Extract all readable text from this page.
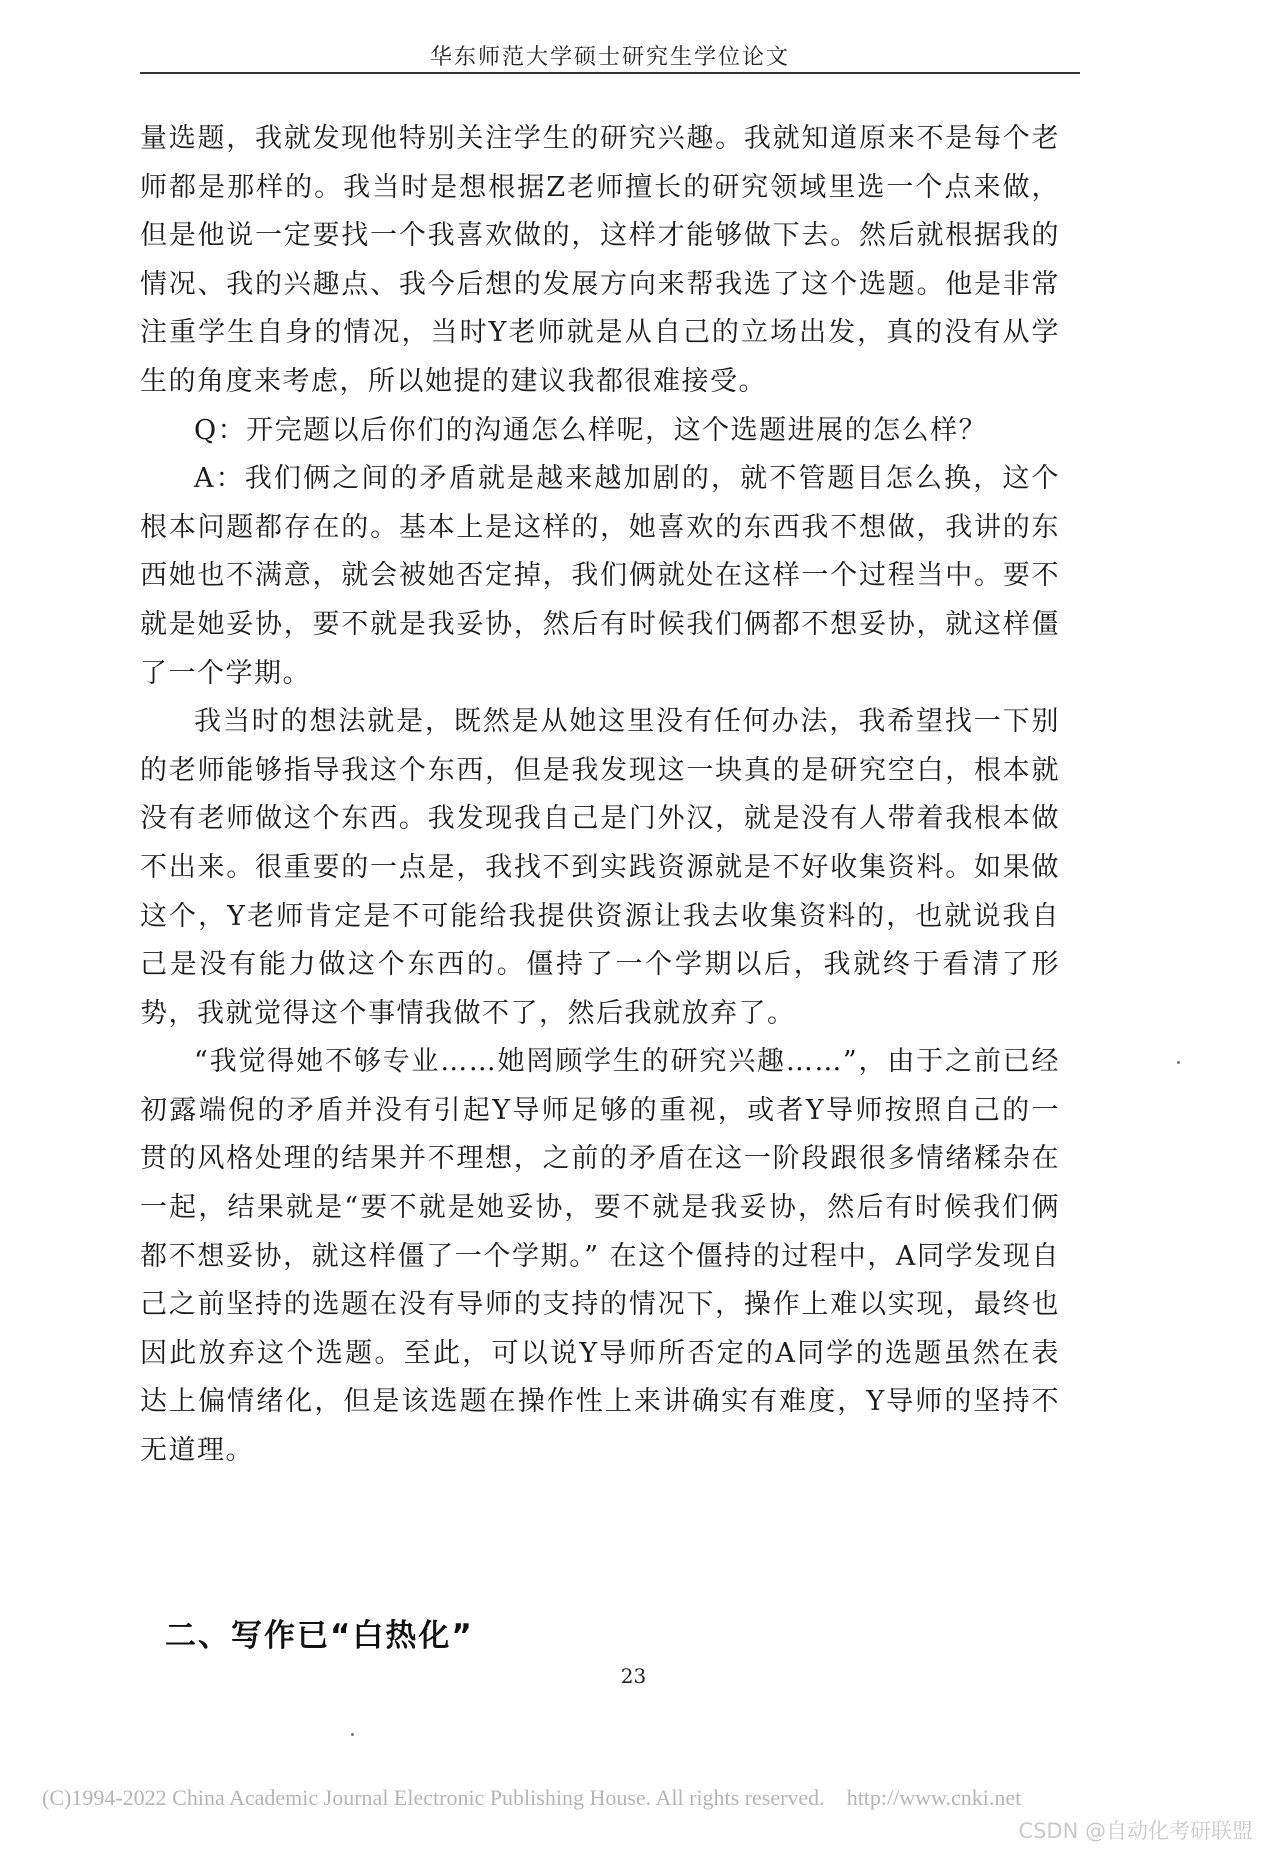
华东师范大学硕士研究生学位论文

量选题，我就发现他特别关注学生的研究兴趣。我就知道原来不是每个老师都是那样的。我当时是想根据Z老师擅长的研究领域里选一个点来做，但是他说一定要找一个我喜欢做的，这样才能够做下去。然后就根据我的情况、我的兴趣点、我今后想的发展方向来帮我选了这个选题。他是非常注重学生自身的情况，当时Y老师就是从自己的立场出发，真的没有从学生的角度来考虑，所以她提的建议我都很难接受。

Q：开完题以后你们的沟通怎么样呢，这个选题进展的怎么样？

A：我们俩之间的矛盾就是越来越加剧的，就不管题目怎么换，这个根本问题都存在的。基本上是这样的，她喜欢的东西我不想做，我讲的东西她也不满意，就会被她否定掉，我们俩就处在这样一个过程当中。要不就是她妥协，要不就是我妥协，然后有时候我们俩都不想妥协，就这样僵了一个学期。

我当时的想法就是，既然是从她这里没有任何办法，我希望找一下别的老师能够指导我这个东西，但是我发现这一块真的是研究空白，根本就没有老师做这个东西。我发现我自己是门外汉，就是没有人带着我根本做不出来。很重要的一点是，我找不到实践资源就是不好收集资料。如果做这个，Y老师肯定是不可能给我提供资源让我去收集资料的，也就说我自己是没有能力做这个东西的。僵持了一个学期以后，我就终于看清了形势，我就觉得这个事情我做不了，然后我就放弃了。

“我觉得她不够专业……她罔顾学生的研究兴趣……”，由于之前已经初露端倪的矛盾并没有引起Y导师足够的重视，或者Y导师按照自己的一贯的风格处理的结果并不理想，之前的矛盾在这一阶段跟很多情绪糅杂在一起，结果就是“要不就是她妥协，要不就是我妥协，然后有时候我们俩都不想妥协，就这样僵了一个学期。” 在这个僵持的过程中，A同学发现自己之前坚持的选题在没有导师的支持的情况下，操作上难以实现，最终也因此放弃这个选题。至此，可以说Y导师所否定的A同学的选题虽然在表达上偏情绪化，但是该选题在操作性上来讲确实有难度，Y导师的坚持不无道理。

二、写作已“白热化”
23
(C)1994-2022 China Academic Journal Electronic Publishing House. All rights reserved. http://www.cnki.net
CSDN @自动化考研联盟
